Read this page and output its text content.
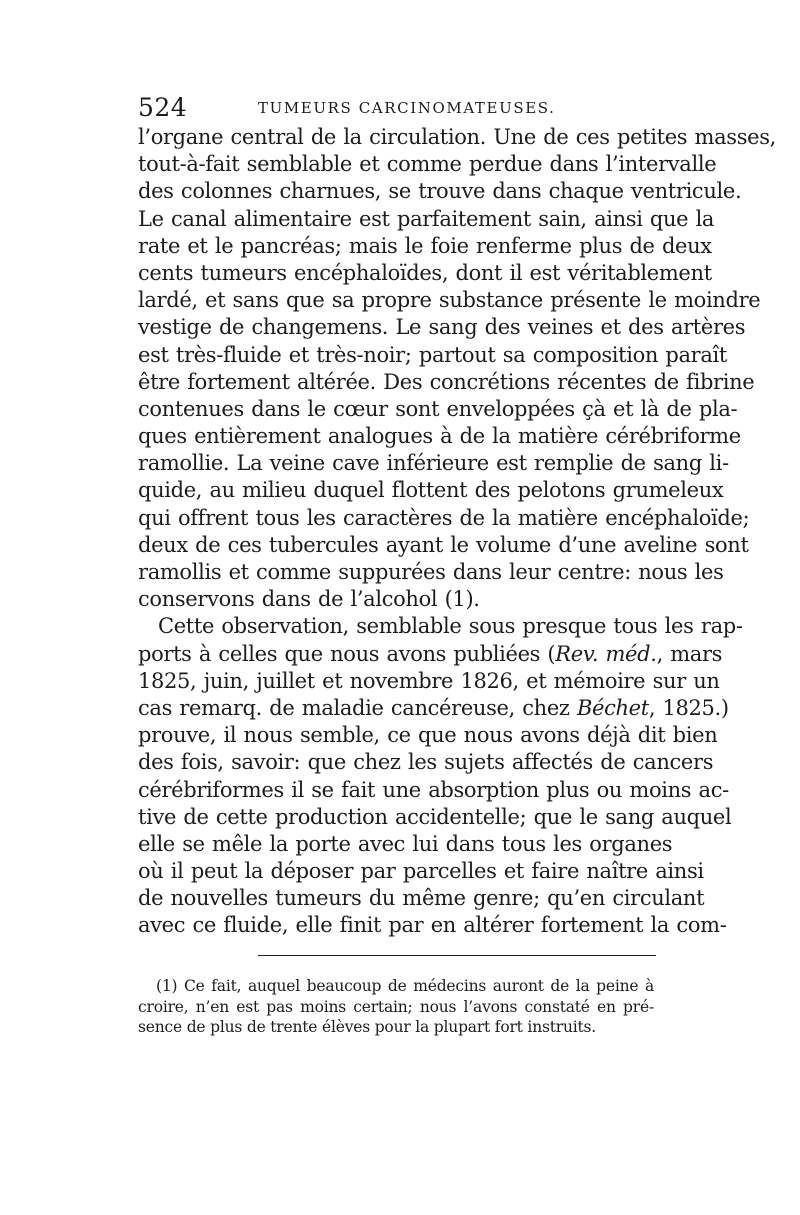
524	TUMEURS CARCINOMATEUSES.
l’organe central de la circulation. Une de ces petites masses,
tout-à-fait semblable et comme perdue dans l’intervalle
des colonnes charnues, se trouve dans chaque ventricule.
Le canal alimentaire est parfaitement sain, ainsi que la
rate et le pancréas; mais le foie renferme plus de deux
cents tumeurs encéphaloïdes, dont il est véritablement
lardé, et sans que sa propre substance présente le moindre
vestige de changemens. Le sang des veines et des artères
est très-fluide et très-noir; partout sa composition paraît
être fortement altérée. Des concrétions récentes de fibrine
contenues dans le cœur sont enveloppées çà et là de pla-
ques entièrement analogues à de la matière cérébriforme
ramollie. La veine cave inférieure est remplie de sang li-
quide, au milieu duquel flottent des pelotons grumeleux
qui offrent tous les caractères de la matière encéphaloïde;
deux de ces tubercules ayant le volume d’une aveline sont
ramollis et comme suppurées dans leur centre: nous les
conservons dans de l’alcohol (1).
Cette observation, semblable sous presque tous les rap-
ports à celles que nous avons publiées (Rev. méd., mars
1825, juin, juillet et novembre 1826, et mémoire sur un
cas remarq. de maladie cancéreuse, chez Béchet, 1825.)
prouve, il nous semble, ce que nous avons déjà dit bien
des fois, savoir: que chez les sujets affectés de cancers
cérébriformes il se fait une absorption plus ou moins ac-
tive de cette production accidentelle; que le sang auquel
elle se mêle la porte avec lui dans tous les organes
où il peut la déposer par parcelles et faire naître ainsi
de nouvelles tumeurs du même genre; qu’en circulant
avec ce fluide, elle finit par en altérer fortement la com-
(1) Ce fait, auquel beaucoup de médecins auront de la peine à
croire, n’en est pas moins certain; nous l’avons constaté en pré-
sence de plus de trente élèves pour la plupart fort instruits.
